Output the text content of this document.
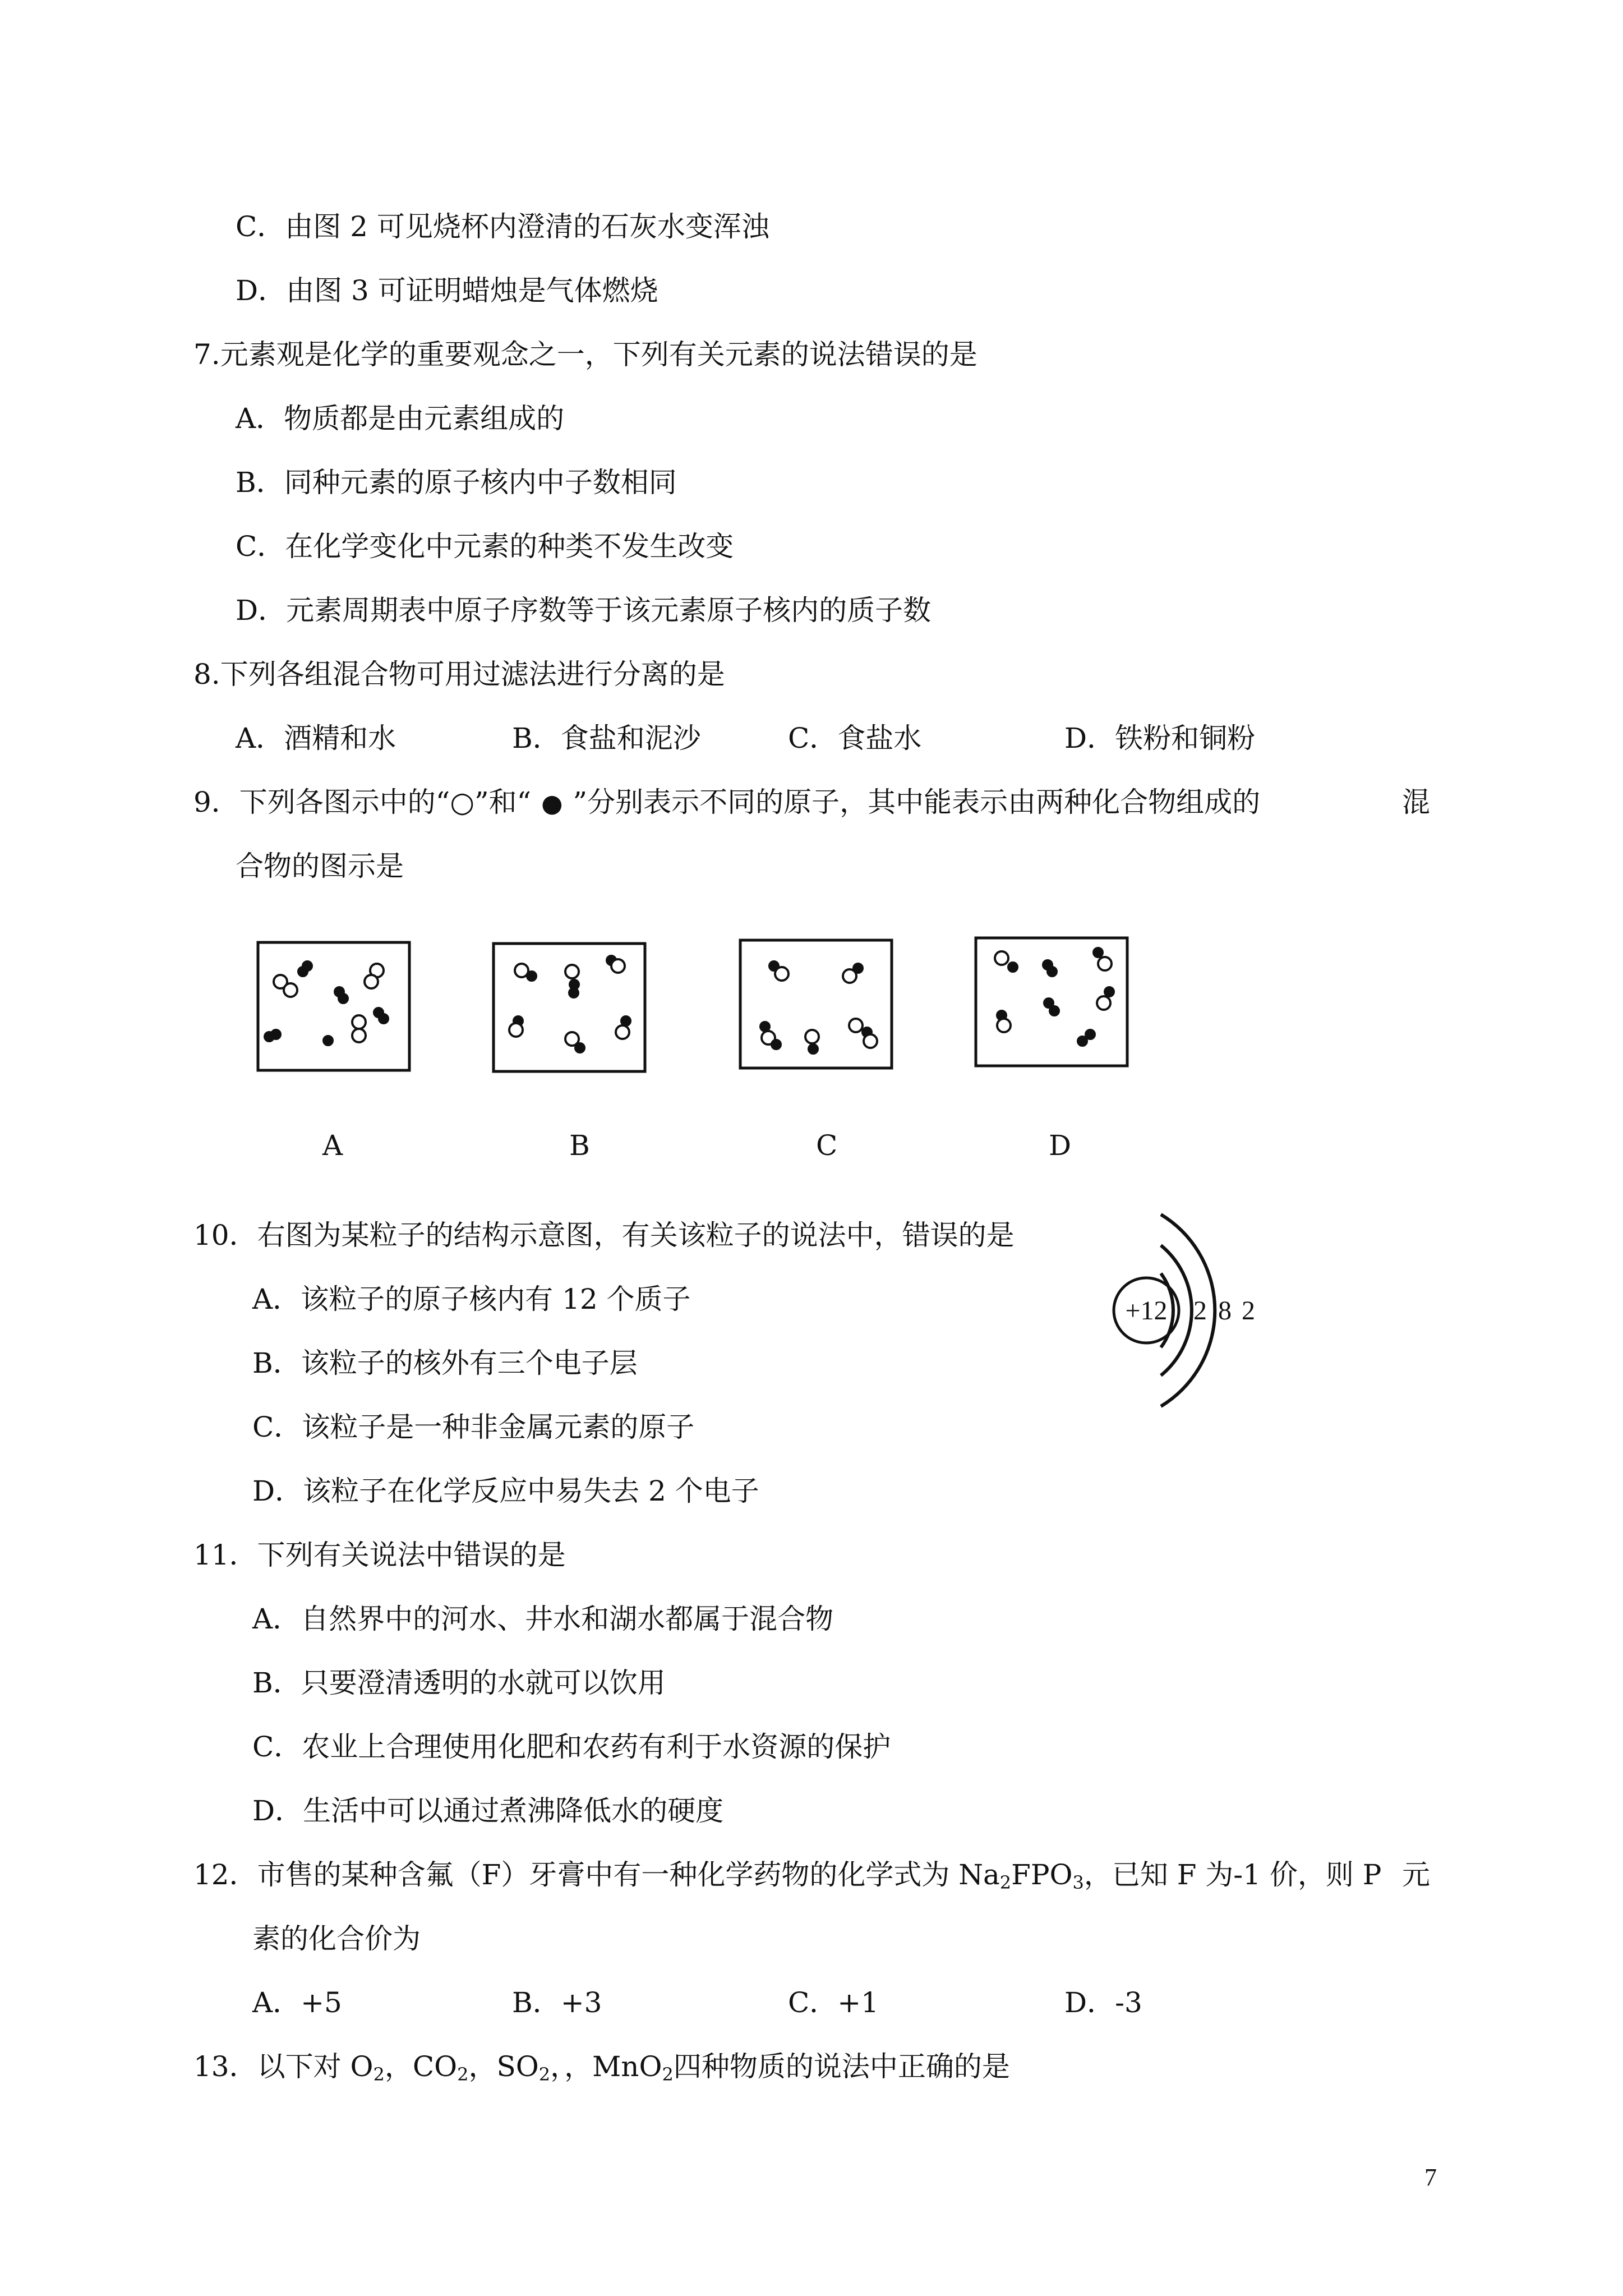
C．由图 2 可见烧杯内澄清的石灰水变浑浊
D．由图 3 可证明蜡烛是气体燃烧
7.元素观是化学的重要观念之一，下列有关元素的说法错误的是
A．物质都是由元素组成的
B．同种元素的原子核内中子数相同
C．在化学变化中元素的种类不发生改变
D．元素周期表中原子序数等于该元素原子核内的质子数
8.下列各组混合物可用过滤法进行分离的是
A．酒精和水	B．食盐和泥沙	C．食盐水	D．铁粉和铜粉
9．下列各图示中的“○”和“ ● ”分别表示不同的原子，其中能表示由两种化合物组成的	混
合物的图示是
A	B	C	D
10．右图为某粒子的结构示意图，有关该粒子的说法中，错误的是
A．该粒子的原子核内有 12 个质子
B．该粒子的核外有三个电子层
C．该粒子是一种非金属元素的原子
D．该粒子在化学反应中易失去 2 个电子
+12 2 8 2
11．下列有关说法中错误的是
A．自然界中的河水、井水和湖水都属于混合物
B．只要澄清透明的水就可以饮用
C．农业上合理使用化肥和农药有利于水资源的保护
D．生活中可以通过煮沸降低水的硬度
12．市售的某种含氟（F）牙膏中有一种化学药物的化学式为 $Na_2FPO_3$，已知 F 为-1 价，则 P 元
素的化合价为
A．+5	B．+3	C．+1	D．-3
13．以下对 $O_2$，$CO_2$，$SO_2$，，MnO$_2$四种物质的说法中正确的是
7
